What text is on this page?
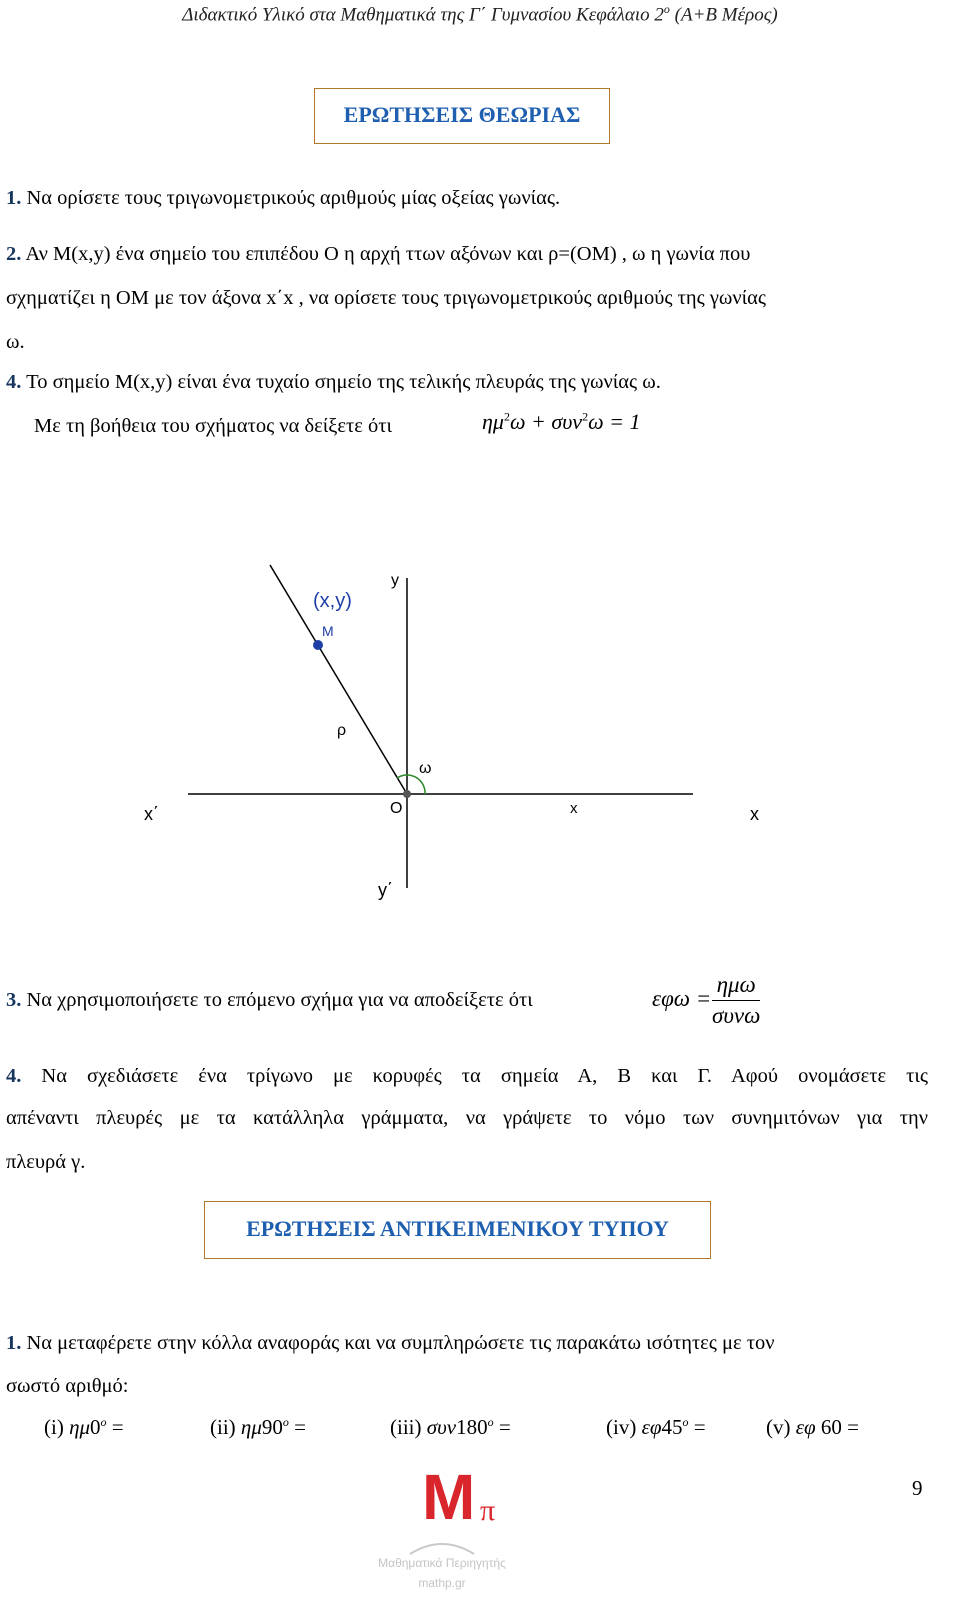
Διδακτικό Υλικό στα Μαθηματικά της Γ΄ Γυμνασίου Κεφάλαιο $2^o$ (Α+Β Μέρος)
ΕΡΩΤΗΣΕΙΣ ΘΕΩΡΙΑΣ
1. Να ορίσετε τους τριγωνομετρικούς αριθμούς μίας οξείας γωνίας.
2. Αν Μ(x,y) ένα σημείο του επιπέδου Ο η αρχή ττων αξόνων και ρ=(ΟΜ) , ω η γωνία που
σχηματίζει η ΟΜ με τον άξονα x΄x , να ορίσετε τους τριγωνομετρικούς αριθμούς της γωνίας
ω.
4. Το σημείο Μ(x,y) είναι ένα τυχαίο σημείο της τελικής πλευράς της γωνίας ω.
Με τη βοήθεια του σχήματος να δείξετε ότι	$\eta\mu^2\omega + \sigma\upsilon\nu^2\omega = 1$
(x,y)
M
y
ρ
ω
x΄	O	x	x
y΄
3. Να χρησιμοποιήσετε το επόμενο σχήμα για να αποδείξετε ότι	$\varepsilon\varphi\omega = \frac{\text{ημω}}{\text{συνω}}$
4. Να σχεδιάσετε ένα τρίγωνο με κορυφές τα σημεία Α, Β και Γ. Αφού ονομάσετε τις
απέναντι πλευρές με τα κατάλληλα γράμματα, να γράψετε το νόμο των συνημιτόνων για την
πλευρά γ.
ΕΡΩΤΗΣΕΙΣ ΑΝΤΙΚΕΙΜΕΝΙΚΟΥ ΤΥΠΟΥ
1. Να μεταφέρετε στην κόλλα αναφοράς και να συμπληρώσετε τις παρακάτω ισότητες με τον
σωστό αριθμό:
(i) $\eta\mu 0^o$ =	(ii) $\eta\mu 90^o$ =	(iii) $\sigma\upsilon\nu 180^o$ =	(iv) $\varepsilon\varphi 45^o$ =	(v) εφ 60 =
9
Μ π
Μαθηματικά Περιηγητής
mathp.gr
